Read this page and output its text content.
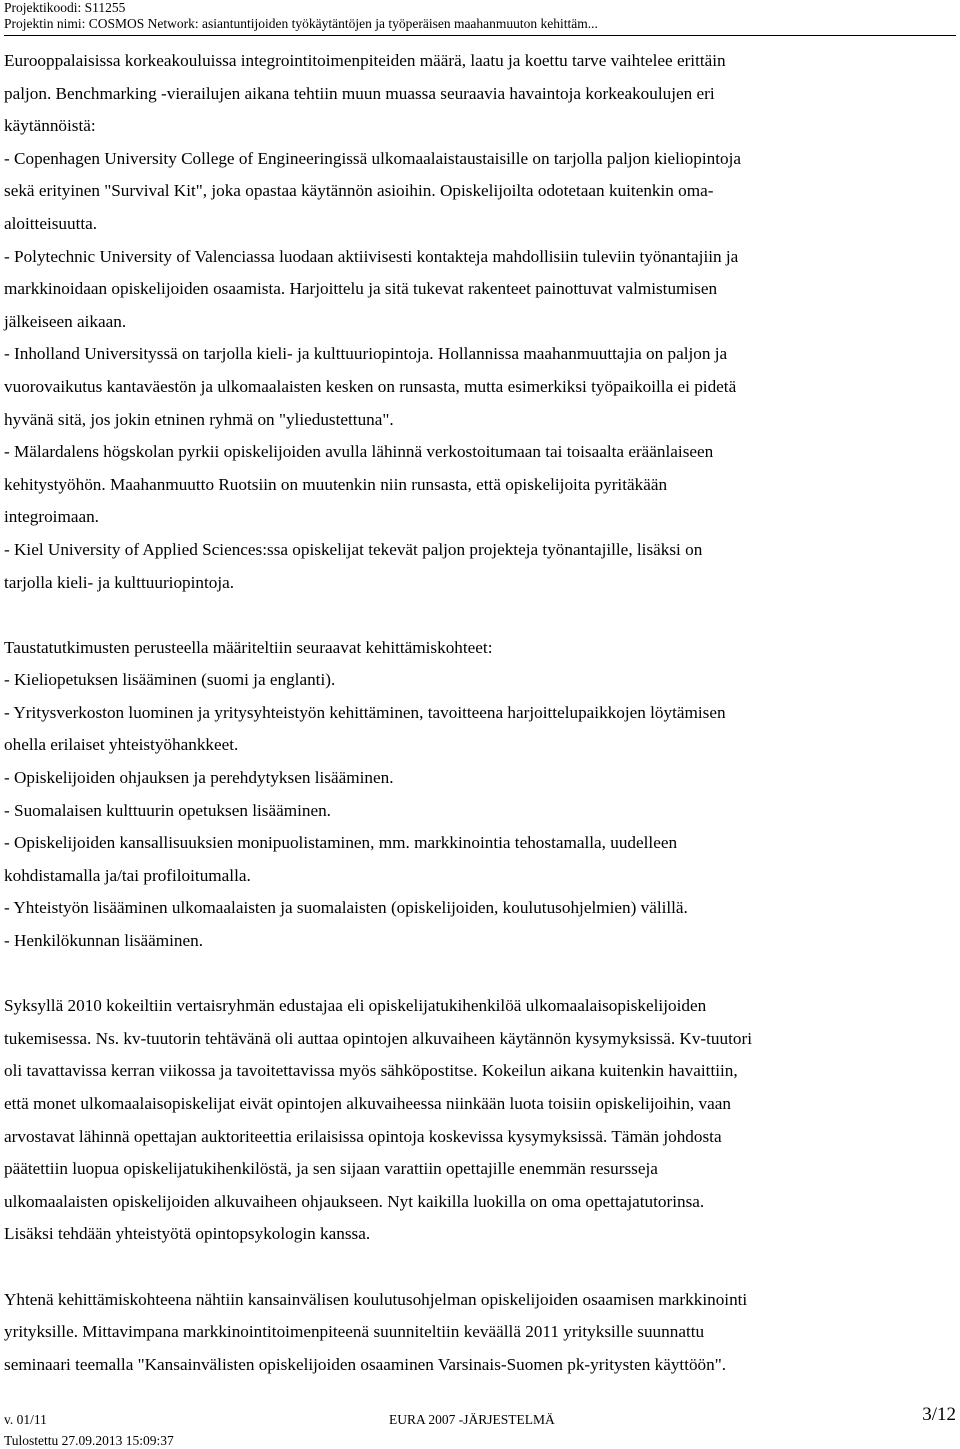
Projektikoodi: S11255
Projektin nimi: COSMOS Network: asiantuntijoiden työkäytäntöjen ja työperäisen maahanmuuton kehittäm...
Eurooppalaisissa korkeakouluissa integrointitoimenpiteiden määrä, laatu ja koettu tarve vaihtelee erittäin
paljon. Benchmarking -vierailujen aikana tehtiin muun muassa seuraavia havaintoja korkeakoulujen eri
käytännöistä:
- Copenhagen University College of Engineeringissä ulkomaalaistaustaisille on tarjolla paljon kieliopintoja
sekä erityinen "Survival Kit", joka opastaa käytännön asioihin. Opiskelijoilta odotetaan kuitenkin oma-
aloitteisuutta.
- Polytechnic University of Valenciassa luodaan aktiivisesti kontakteja mahdollisiin tuleviin työnantajiin ja
markkinoidaan opiskelijoiden osaamista. Harjoittelu ja sitä tukevat rakenteet painottuvat valmistumisen
jälkeiseen aikaan.
- Inholland Universityssä on tarjolla kieli- ja kulttuuriopintoja. Hollannissa maahanmuuttajia on paljon ja
vuorovaikutus kantaväestön ja ulkomaalaisten kesken on runsasta, mutta esimerkiksi työpaikoilla ei pidetä
hyvänä sitä, jos jokin etninen ryhmä on "yliedustettuna".
- Mälardalens högskolan pyrkii opiskelijoiden avulla lähinnä verkostoitumaan tai toisaalta eräänlaiseen
kehitystyöhön. Maahanmuutto Ruotsiin on muutenkin niin runsasta, että opiskelijoita pyritäkään
integroimaan.
- Kiel University of Applied Sciences:ssa opiskelijat tekevät paljon projekteja työnantajille, lisäksi on
tarjolla kieli- ja kulttuuriopintoja.
Taustatutkimusten perusteella määriteltiin seuraavat kehittämiskohteet:
- Kieliopetuksen lisääminen (suomi ja englanti).
- Yritysverkoston luominen ja yritysyhteistyön kehittäminen, tavoitteena harjoittelupaikkojen löytämisen
ohella erilaiset yhteistyöhankkeet.
- Opiskelijoiden ohjauksen ja perehdytyksen lisääminen.
- Suomalaisen kulttuurin opetuksen lisääminen.
- Opiskelijoiden kansallisuuksien monipuolistaminen, mm. markkinointia tehostamalla, uudelleen
kohdistamalla ja/tai profiloitumalla.
- Yhteistyön lisääminen ulkomaalaisten ja suomalaisten (opiskelijoiden, koulutusohjelmien) välillä.
- Henkilökunnan lisääminen.
Syksyllä 2010 kokeiltiin vertaisryhmän edustajaa eli opiskelijatukihenkilöä ulkomaalaisopiskelijoiden
tukemisessa. Ns. kv-tuutorin tehtävänä oli auttaa opintojen alkuvaiheen käytännön kysymyksissä. Kv-tuutori
oli tavattavissa kerran viikossa ja tavoitettavissa myös sähköpostitse. Kokeilun aikana kuitenkin havaittiin,
että monet ulkomaalaisopiskelijat eivät opintojen alkuvaiheessa niinkään luota toisiin opiskelijoihin, vaan
arvostavat lähinnä opettajan auktoriteettia erilaisissa opintoja koskevissa kysymyksissä. Tämän johdosta
päätettiin luopua opiskelijatukihenkilöstä, ja sen sijaan varattiin opettajille enemmän resursseja
ulkomaalaisten opiskelijoiden alkuvaiheen ohjaukseen. Nyt kaikilla luokilla on oma opettajatutorinsa.
Lisäksi tehdään yhteistyötä opintopsykologin kanssa.
Yhtenä kehittämiskohteena nähtiin kansainvälisen koulutusohjelman opiskelijoiden osaamisen markkinointi
yrityksille. Mittavimpana markkinointitoimenpiteenä suunniteltiin keväällä 2011 yrityksille suunnattu
seminaari teemalla "Kansainvälisten opiskelijoiden osaaminen Varsinais-Suomen pk-yritysten käyttöön".
v. 01/11	EURA 2007 -JÄRJESTELMÄ	3/12
Tulostettu 27.09.2013 15:09:37
